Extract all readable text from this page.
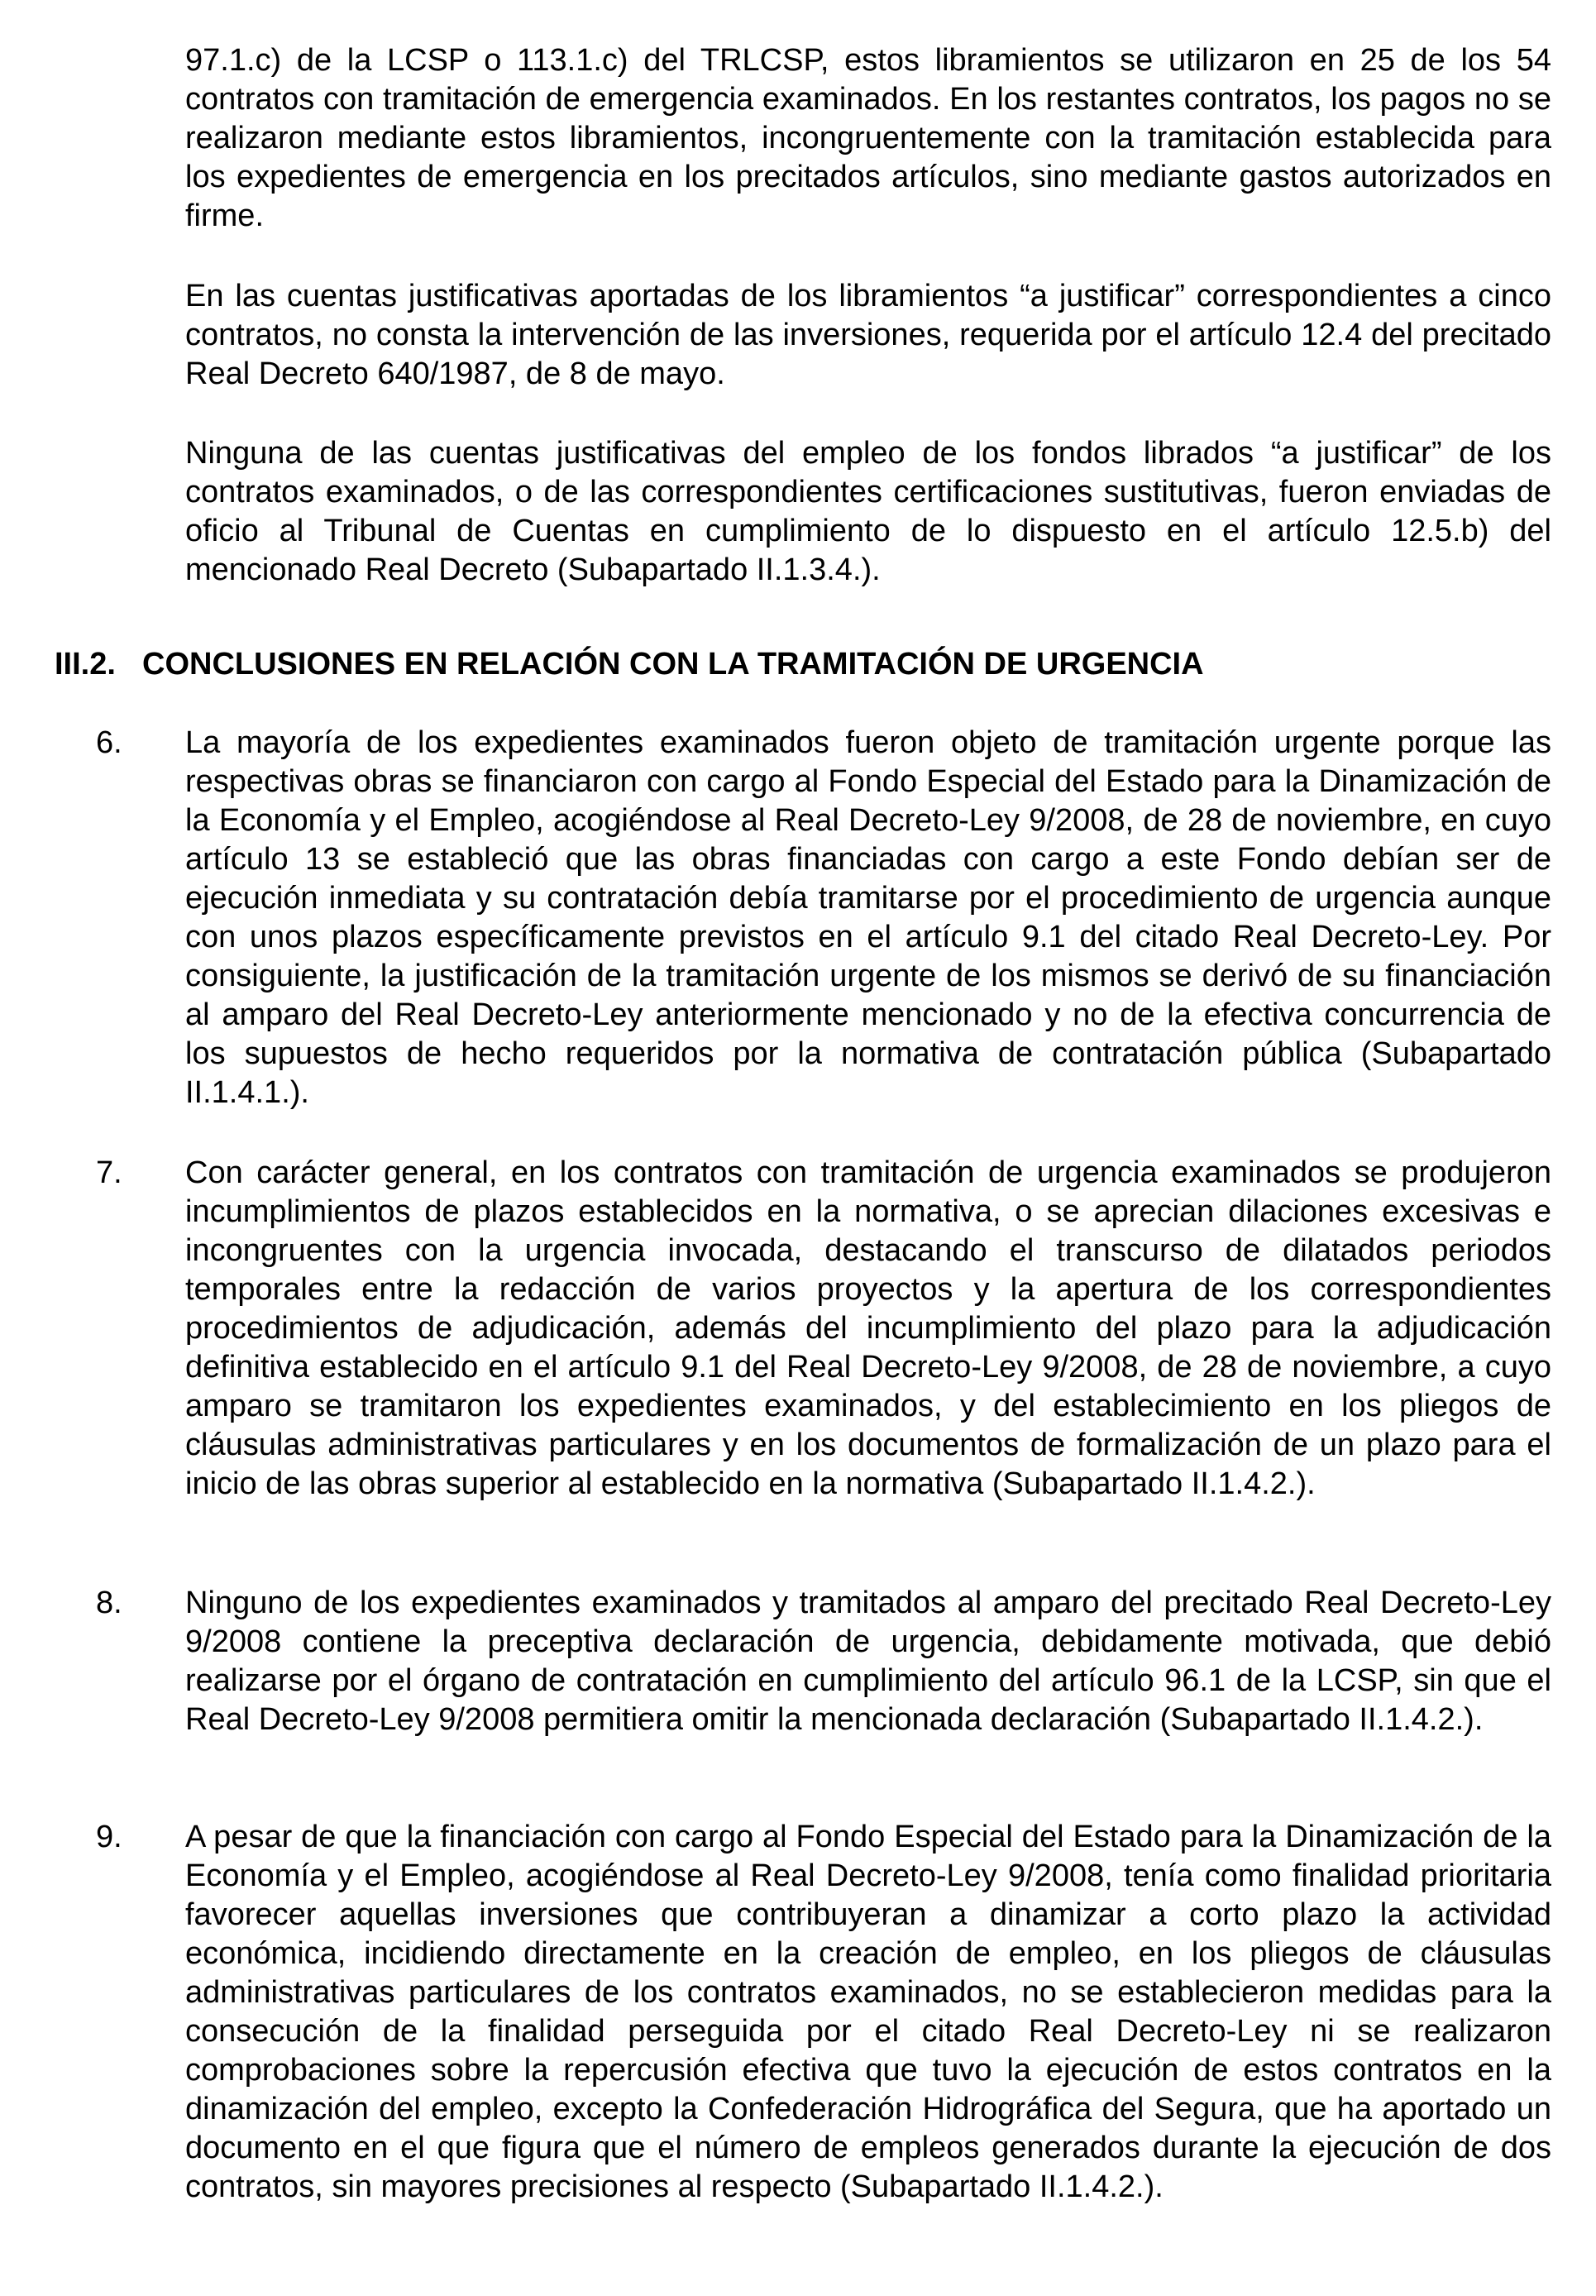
97.1.c) de la LCSP o 113.1.c) del TRLCSP, estos libramientos se utilizaron en 25 de los 54 contratos con tramitación de emergencia examinados. En los restantes contratos, los pagos no se realizaron mediante estos libramientos, incongruentemente con la tramitación establecida para los expedientes de emergencia en los precitados artículos, sino mediante gastos autorizados en firme.

En las cuentas justificativas aportadas de los libramientos “a justificar” correspondientes a cinco contratos, no consta la intervención de las inversiones, requerida por el artículo 12.4 del precitado Real Decreto 640/1987, de 8 de mayo.

Ninguna de las cuentas justificativas del empleo de los fondos librados “a justificar” de los contratos examinados, o de las correspondientes certificaciones sustitutivas, fueron enviadas de oficio al Tribunal de Cuentas en cumplimiento de lo dispuesto en el artículo 12.5.b) del mencionado Real Decreto (Subapartado II.1.3.4.).

III.2. CONCLUSIONES EN RELACIÓN CON LA TRAMITACIÓN DE URGENCIA
6. La mayoría de los expedientes examinados fueron objeto de tramitación urgente porque las respectivas obras se financiaron con cargo al Fondo Especial del Estado para la Dinamización de la Economía y el Empleo, acogiéndose al Real Decreto-Ley 9/2008, de 28 de noviembre, en cuyo artículo 13 se estableció que las obras financiadas con cargo a este Fondo debían ser de ejecución inmediata y su contratación debía tramitarse por el procedimiento de urgencia aunque con unos plazos específicamente previstos en el artículo 9.1 del citado Real Decreto-Ley. Por consiguiente, la justificación de la tramitación urgente de los mismos se derivó de su financiación al amparo del Real Decreto-Ley anteriormente mencionado y no de la efectiva concurrencia de los supuestos de hecho requeridos por la normativa de contratación pública (Subapartado II.1.4.1.).

7. Con carácter general, en los contratos con tramitación de urgencia examinados se produjeron incumplimientos de plazos establecidos en la normativa, o se aprecian dilaciones excesivas e incongruentes con la urgencia invocada, destacando el transcurso de dilatados periodos temporales entre la redacción de varios proyectos y la apertura de los correspondientes procedimientos de adjudicación, además del incumplimiento del plazo para la adjudicación definitiva establecido en el artículo 9.1 del Real Decreto-Ley 9/2008, de 28 de noviembre, a cuyo amparo se tramitaron los expedientes examinados, y del establecimiento en los pliegos de cláusulas administrativas particulares y en los documentos de formalización de un plazo para el inicio de las obras superior al establecido en la normativa (Subapartado II.1.4.2.).

8. Ninguno de los expedientes examinados y tramitados al amparo del precitado Real Decreto-Ley 9/2008 contiene la preceptiva declaración de urgencia, debidamente motivada, que debió realizarse por el órgano de contratación en cumplimiento del artículo 96.1 de la LCSP, sin que el Real Decreto-Ley 9/2008 permitiera omitir la mencionada declaración (Subapartado II.1.4.2.).

9. A pesar de que la financiación con cargo al Fondo Especial del Estado para la Dinamización de la Economía y el Empleo, acogiéndose al Real Decreto-Ley 9/2008, tenía como finalidad prioritaria favorecer aquellas inversiones que contribuyeran a dinamizar a corto plazo la actividad económica, incidiendo directamente en la creación de empleo, en los pliegos de cláusulas administrativas particulares de los contratos examinados, no se establecieron medidas para la consecución de la finalidad perseguida por el citado Real Decreto-Ley ni se realizaron comprobaciones sobre la repercusión efectiva que tuvo la ejecución de estos contratos en la dinamización del empleo, excepto la Confederación Hidrográfica del Segura, que ha aportado un documento en el que figura que el número de empleos generados durante la ejecución de dos contratos, sin mayores precisiones al respecto (Subapartado II.1.4.2.).
